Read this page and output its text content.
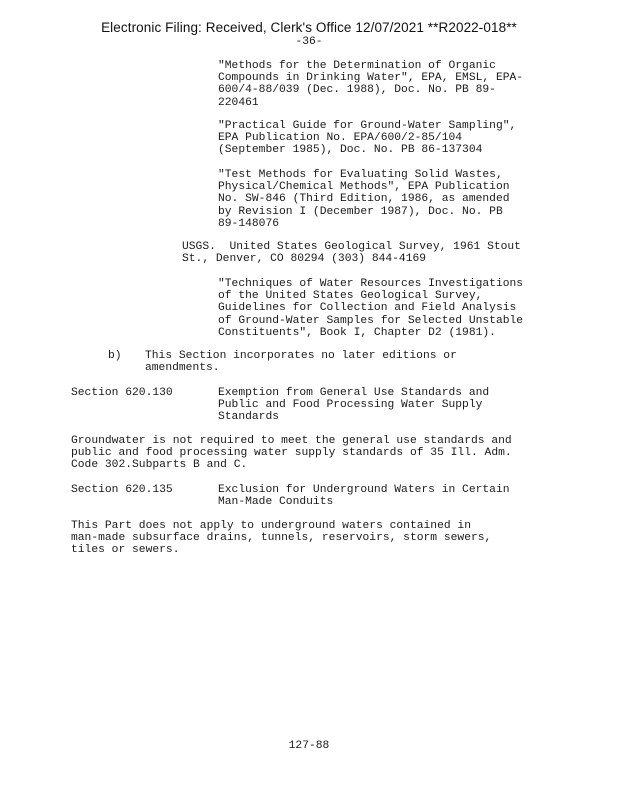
Electronic Filing: Received, Clerk's Office 12/07/2021 **R2022-018**
-36-
"Methods for the Determination of Organic
Compounds in Drinking Water", EPA, EMSL, EPA-
600/4-88/039 (Dec. 1988), Doc. No. PB 89-
220461
"Practical Guide for Ground-Water Sampling",
EPA Publication No. EPA/600/2-85/104
(September 1985), Doc. No. PB 86-137304
"Test Methods for Evaluating Solid Wastes,
Physical/Chemical Methods", EPA Publication
No. SW-846 (Third Edition, 1986, as amended
by Revision I (December 1987), Doc. No. PB
89-148076
USGS.  United States Geological Survey, 1961 Stout
St., Denver, CO 80294 (303) 844-4169
"Techniques of Water Resources Investigations
of the United States Geological Survey,
Guidelines for Collection and Field Analysis
of Ground-Water Samples for Selected Unstable
Constituents", Book I, Chapter D2 (1981).
b) This Section incorporates no later editions or
amendments.
Section 620.130	Exemption from General Use Standards and
Public and Food Processing Water Supply
Standards
Groundwater is not required to meet the general use standards and
public and food processing water supply standards of 35 Ill. Adm.
Code 302.Subparts B and C.
Section 620.135	Exclusion for Underground Waters in Certain
Man-Made Conduits
This Part does not apply to underground waters contained in
man-made subsurface drains, tunnels, reservoirs, storm sewers,
tiles or sewers.
127-88
